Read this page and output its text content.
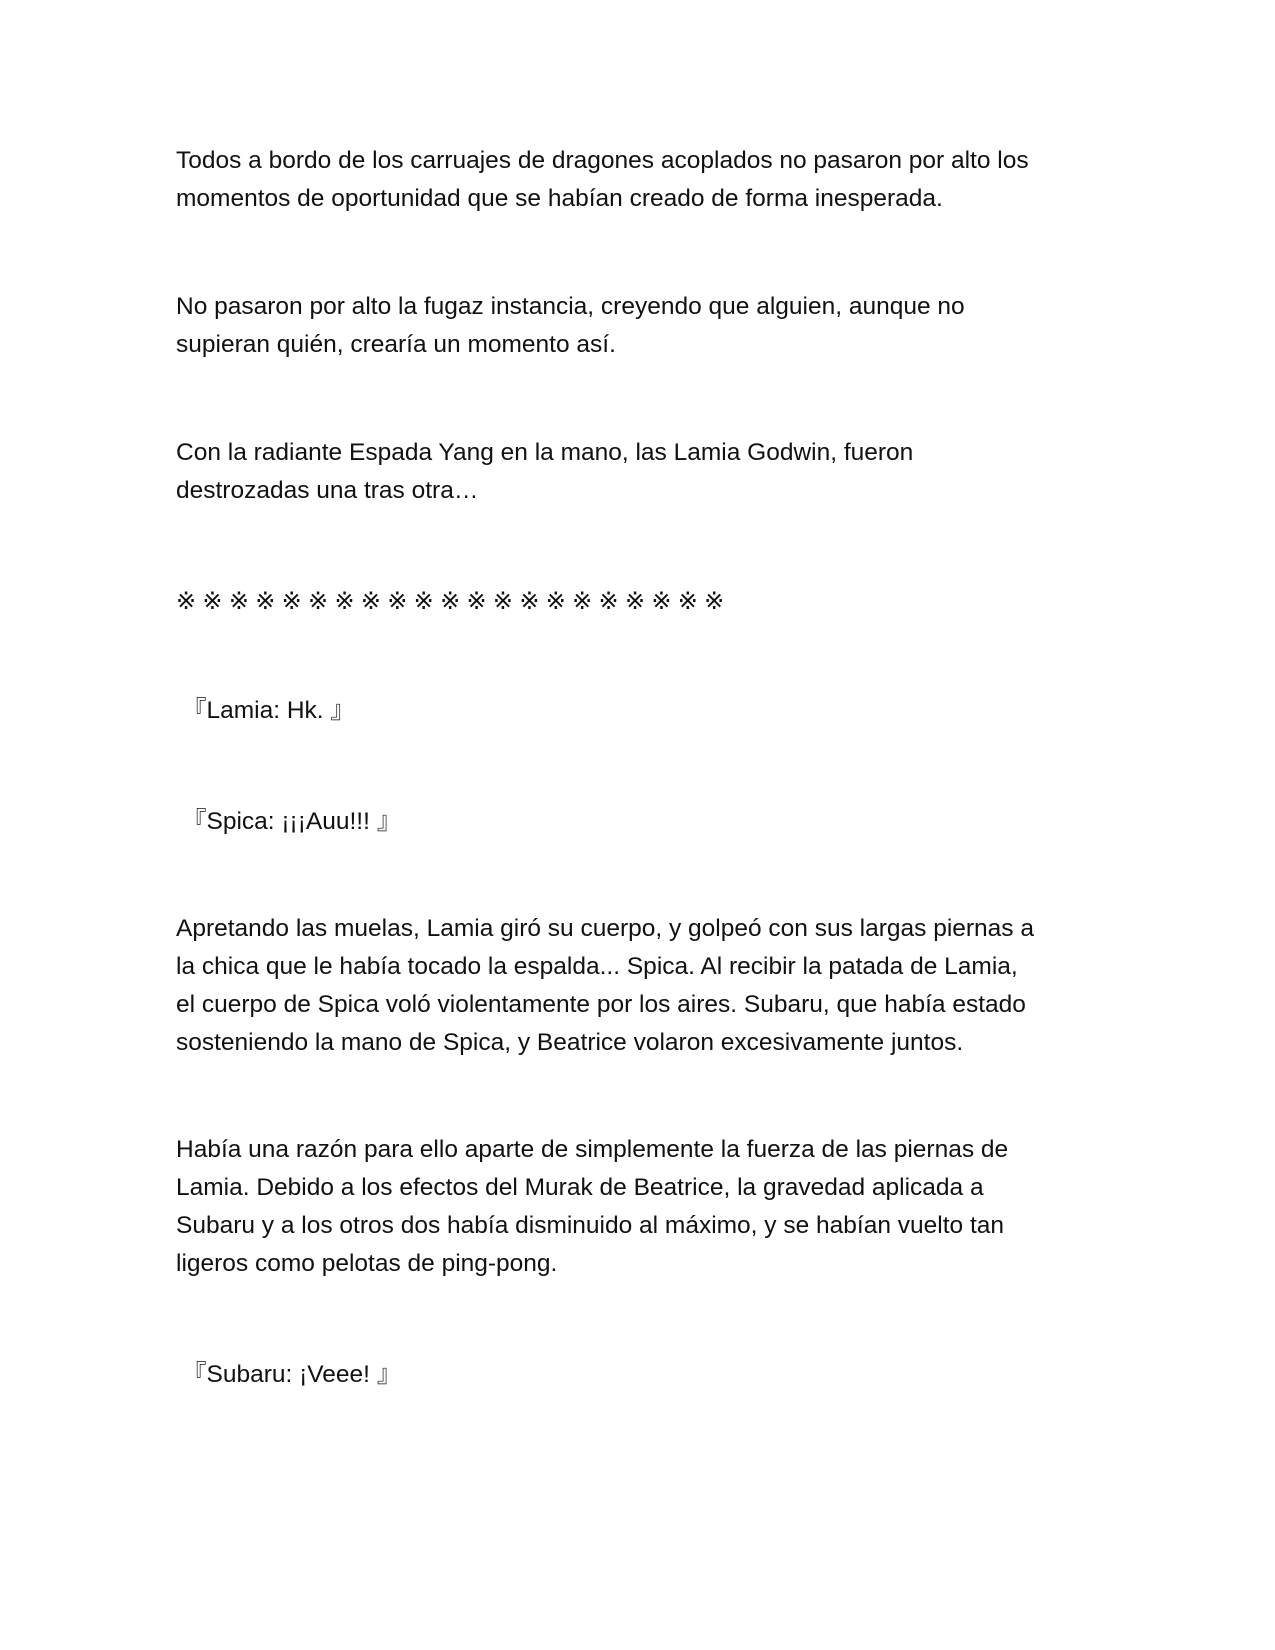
Todos a bordo de los carruajes de dragones acoplados no pasaron por alto los
momentos de oportunidad que se habían creado de forma inesperada.

No pasaron por alto la fugaz instancia, creyendo que alguien, aunque no
supieran quién, crearía un momento así.

Con la radiante Espada Yang en la mano, las Lamia Godwin, fueron
destrozadas una tras otra…

※※※※※※※※※※※※※※※※※※※※※

『Lamia: Hk. 』

『Spica: ¡¡¡Auu!!! 』

Apretando las muelas, Lamia giró su cuerpo, y golpeó con sus largas piernas a
la chica que le había tocado la espalda... Spica. Al recibir la patada de Lamia,
el cuerpo de Spica voló violentamente por los aires. Subaru, que había estado
sosteniendo la mano de Spica, y Beatrice volaron excesivamente juntos.

Había una razón para ello aparte de simplemente la fuerza de las piernas de
Lamia. Debido a los efectos del Murak de Beatrice, la gravedad aplicada a
Subaru y a los otros dos había disminuido al máximo, y se habían vuelto tan
ligeros como pelotas de ping-pong.

『Subaru: ¡Veee! 』
